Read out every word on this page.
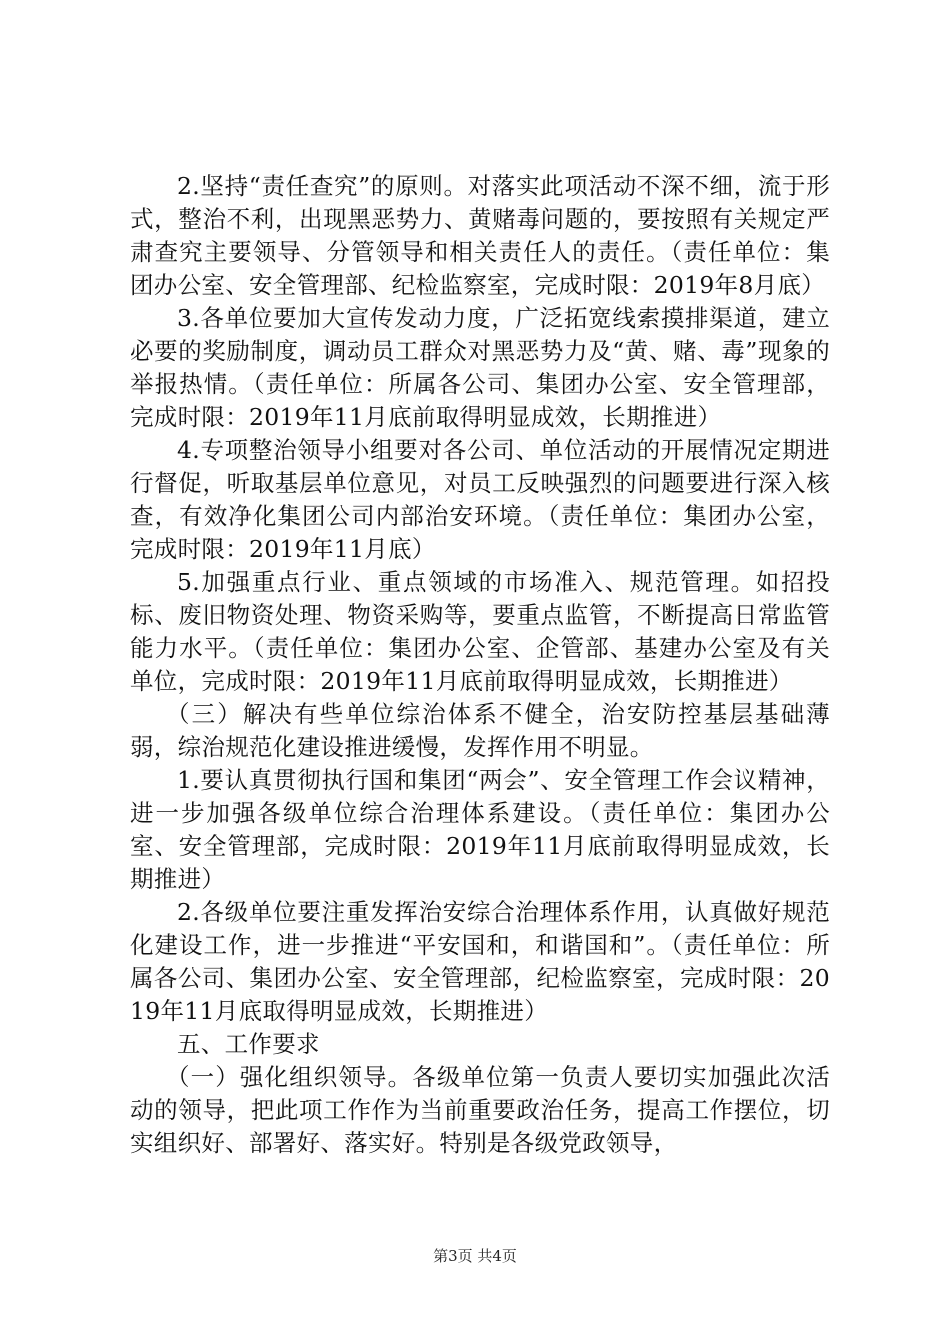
2.坚持“责任查究”的原则。对落实此项活动不深不细，流于形式，整治不利，出现黑恶势力、黄赌毒问题的，要按照有关规定严肃查究主要领导、分管领导和相关责任人的责任。（责任单位：集团办公室、安全管理部、纪检监察室，完成时限：2019年8月底）

3.各单位要加大宣传发动力度，广泛拓宽线索摸排渠道，建立必要的奖励制度，调动员工群众对黑恶势力及“黄、赌、毒”现象的举报热情。（责任单位：所属各公司、集团办公室、安全管理部，完成时限：2019年11月底前取得明显成效，长期推进）

4.专项整治领导小组要对各公司、单位活动的开展情况定期进行督促，听取基层单位意见，对员工反映强烈的问题要进行深入核查，有效净化集团公司内部治安环境。（责任单位：集团办公室，完成时限：2019年11月底）

5.加强重点行业、重点领域的市场准入、规范管理。如招投标、废旧物资处理、物资采购等，要重点监管，不断提高日常监管能力水平。（责任单位：集团办公室、企管部、基建办公室及有关单位，完成时限：2019年11月底前取得明显成效，长期推进）

（三）解决有些单位综治体系不健全，治安防控基层基础薄弱，综治规范化建设推进缓慢，发挥作用不明显。

1.要认真贯彻执行国和集团“两会”、安全管理工作会议精神，进一步加强各级单位综合治理体系建设。（责任单位：集团办公室、安全管理部，完成时限：2019年11月底前取得明显成效，长期推进）

2.各级单位要注重发挥治安综合治理体系作用，认真做好规范化建设工作，进一步推进“平安国和，和谐国和”。（责任单位：所属各公司、集团办公室、安全管理部，纪检监察室，完成时限：2019年11月底取得明显成效，长期推进）

五、工作要求

（一）强化组织领导。各级单位第一负责人要切实加强此次活动的领导，把此项工作作为当前重要政治任务，提高工作摆位，切实组织好、部署好、落实好。特别是各级党政领导，

第3页 共4页
